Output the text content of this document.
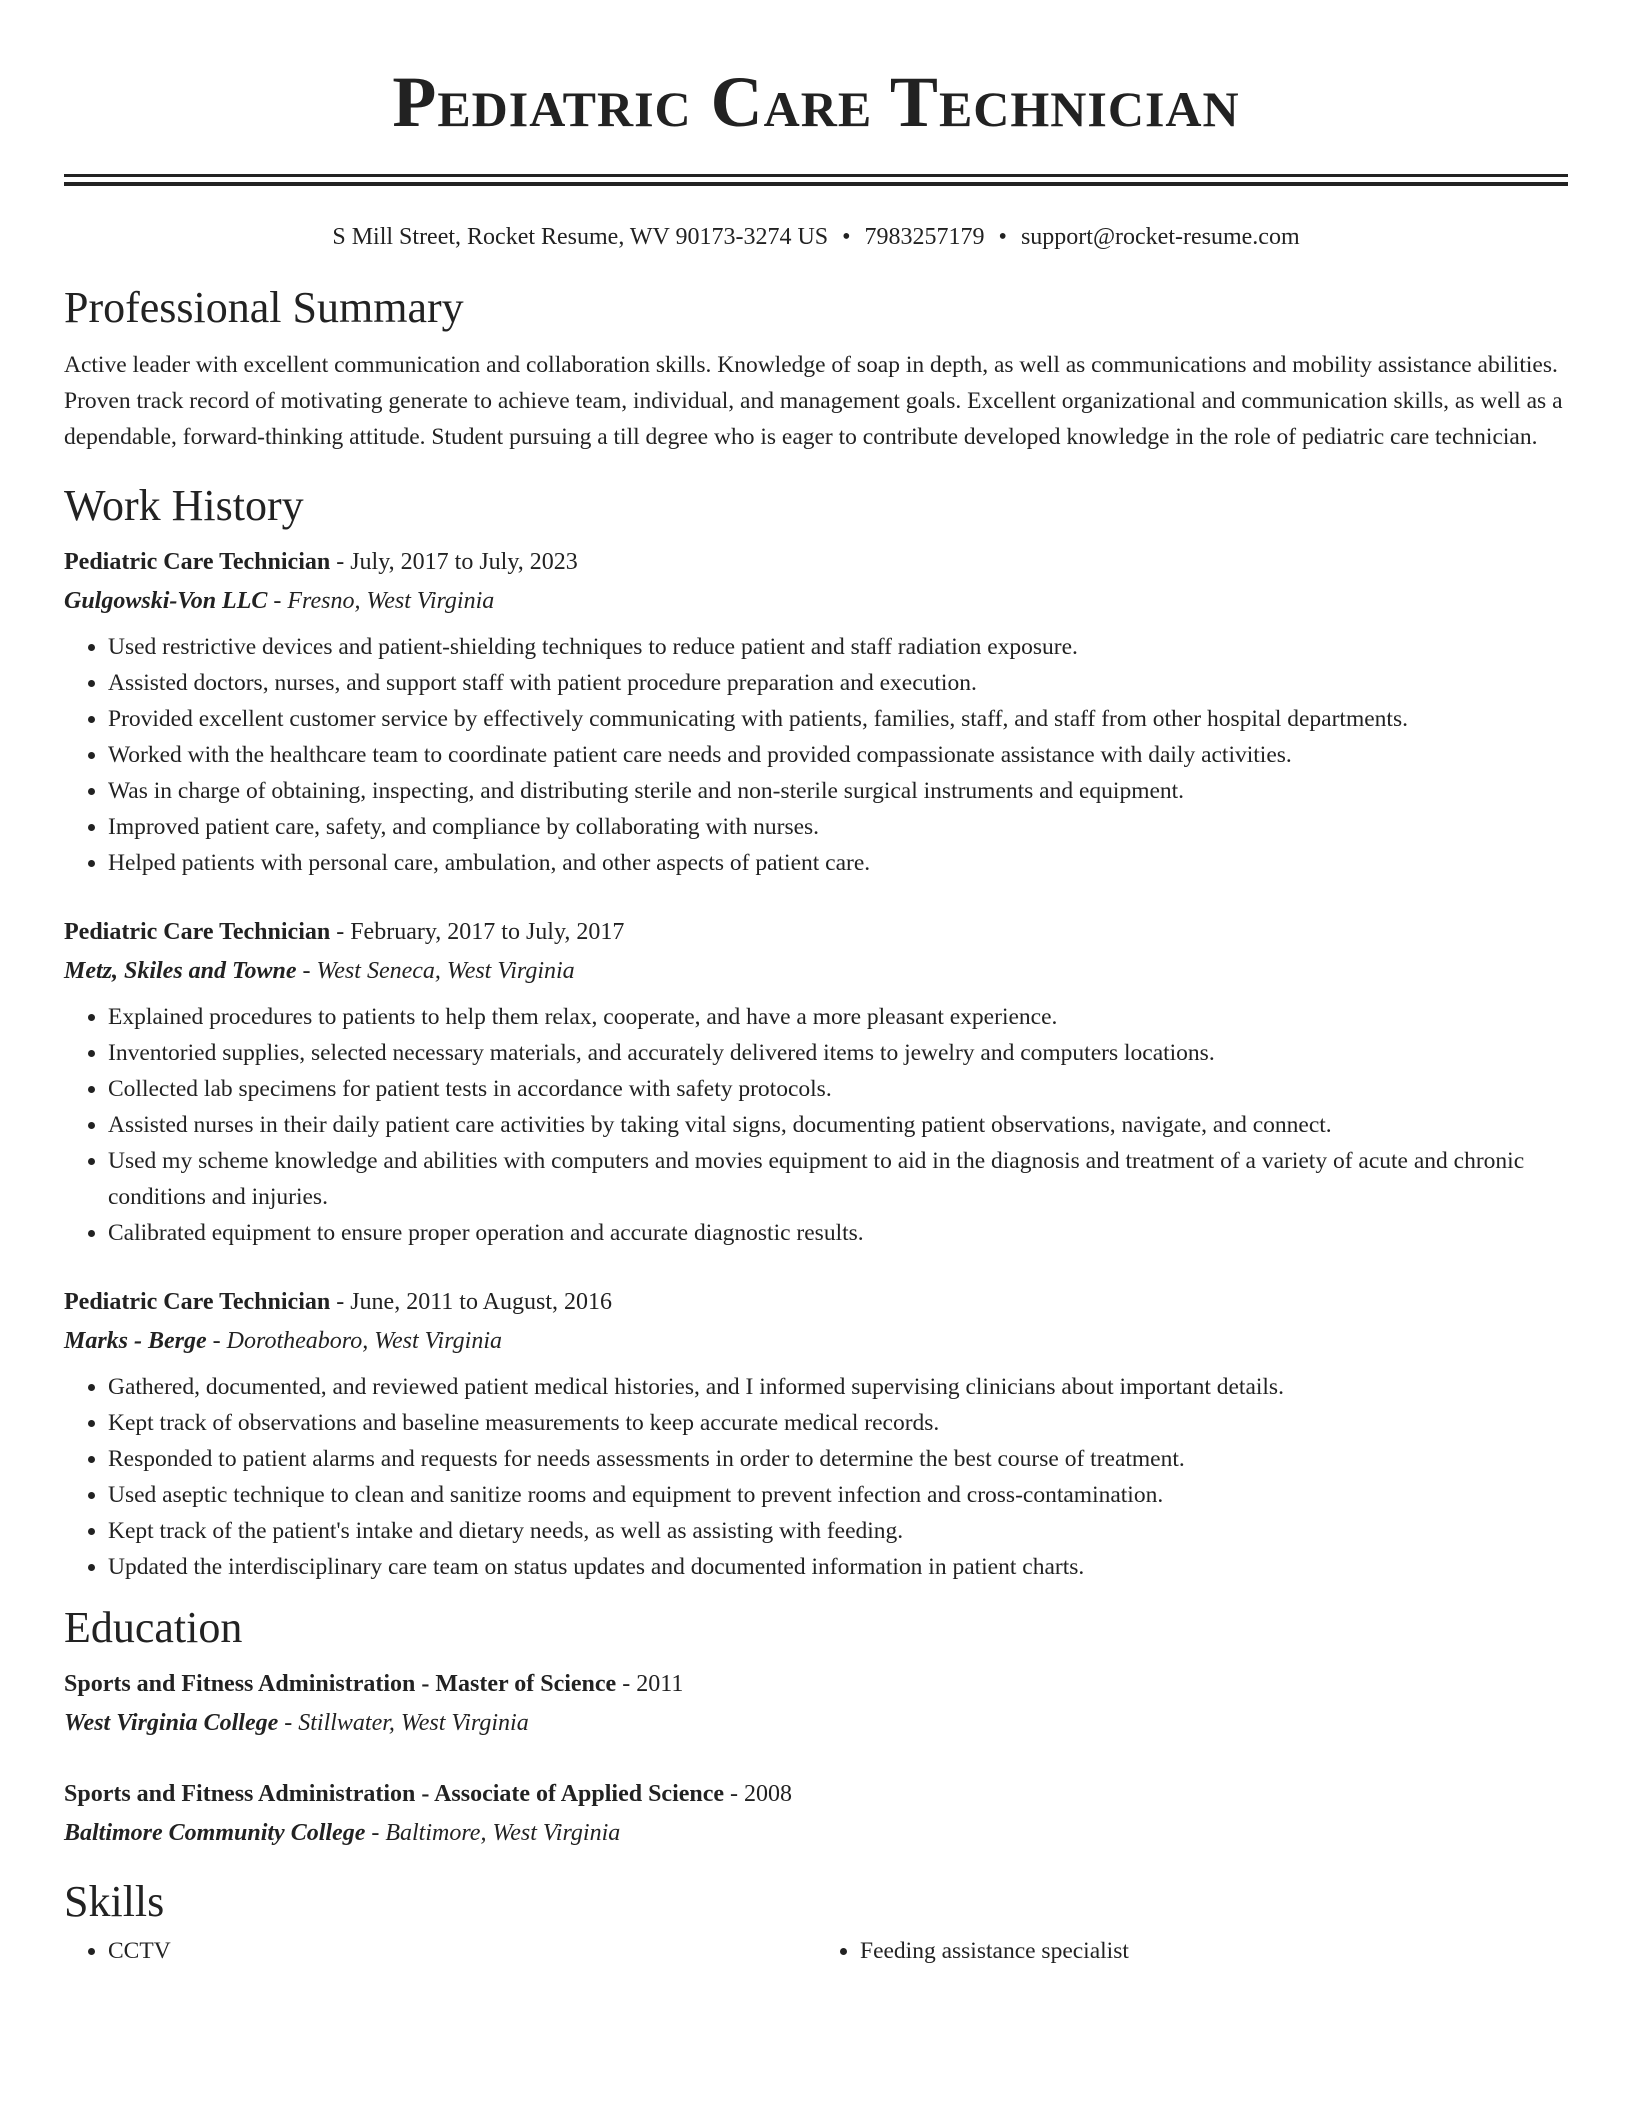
Pediatric Care Technician
S Mill Street, Rocket Resume, WV 90173-3274 US • 7983257179 • support@rocket-resume.com
Professional Summary

Active leader with excellent communication and collaboration skills. Knowledge of soap in depth, as well as communications and mobility assistance abilities. Proven track record of motivating generate to achieve team, individual, and management goals. Excellent organizational and communication skills, as well as a dependable, forward-thinking attitude. Student pursuing a till degree who is eager to contribute developed knowledge in the role of pediatric care technician.

Work History
Pediatric Care Technician - July, 2017 to July, 2023
Gulgowski-Von LLC - Fresno, West Virginia
• Used restrictive devices and patient-shielding techniques to reduce patient and staff radiation exposure.
• Assisted doctors, nurses, and support staff with patient procedure preparation and execution.
• Provided excellent customer service by effectively communicating with patients, families, staff, and staff from other hospital departments.
• Worked with the healthcare team to coordinate patient care needs and provided compassionate assistance with daily activities.
• Was in charge of obtaining, inspecting, and distributing sterile and non-sterile surgical instruments and equipment.
• Improved patient care, safety, and compliance by collaborating with nurses.
• Helped patients with personal care, ambulation, and other aspects of patient care.
Pediatric Care Technician - February, 2017 to July, 2017
Metz, Skiles and Towne - West Seneca, West Virginia
• Explained procedures to patients to help them relax, cooperate, and have a more pleasant experience.
• Inventoried supplies, selected necessary materials, and accurately delivered items to jewelry and computers locations.
• Collected lab specimens for patient tests in accordance with safety protocols.
• Assisted nurses in their daily patient care activities by taking vital signs, documenting patient observations, navigate, and connect.
• Used my scheme knowledge and abilities with computers and movies equipment to aid in the diagnosis and treatment of a variety of acute and chronic conditions and injuries.
• Calibrated equipment to ensure proper operation and accurate diagnostic results.
Pediatric Care Technician - June, 2011 to August, 2016
Marks - Berge - Dorotheaboro, West Virginia
• Gathered, documented, and reviewed patient medical histories, and I informed supervising clinicians about important details.
• Kept track of observations and baseline measurements to keep accurate medical records.
• Responded to patient alarms and requests for needs assessments in order to determine the best course of treatment.
• Used aseptic technique to clean and sanitize rooms and equipment to prevent infection and cross-contamination.
• Kept track of the patient's intake and dietary needs, as well as assisting with feeding.
• Updated the interdisciplinary care team on status updates and documented information in patient charts.
Education
Sports and Fitness Administration - Master of Science - 2011
West Virginia College - Stillwater, West Virginia
Sports and Fitness Administration - Associate of Applied Science - 2008
Baltimore Community College - Baltimore, West Virginia
Skills
• CCTV
•	Feeding assistance specialist
